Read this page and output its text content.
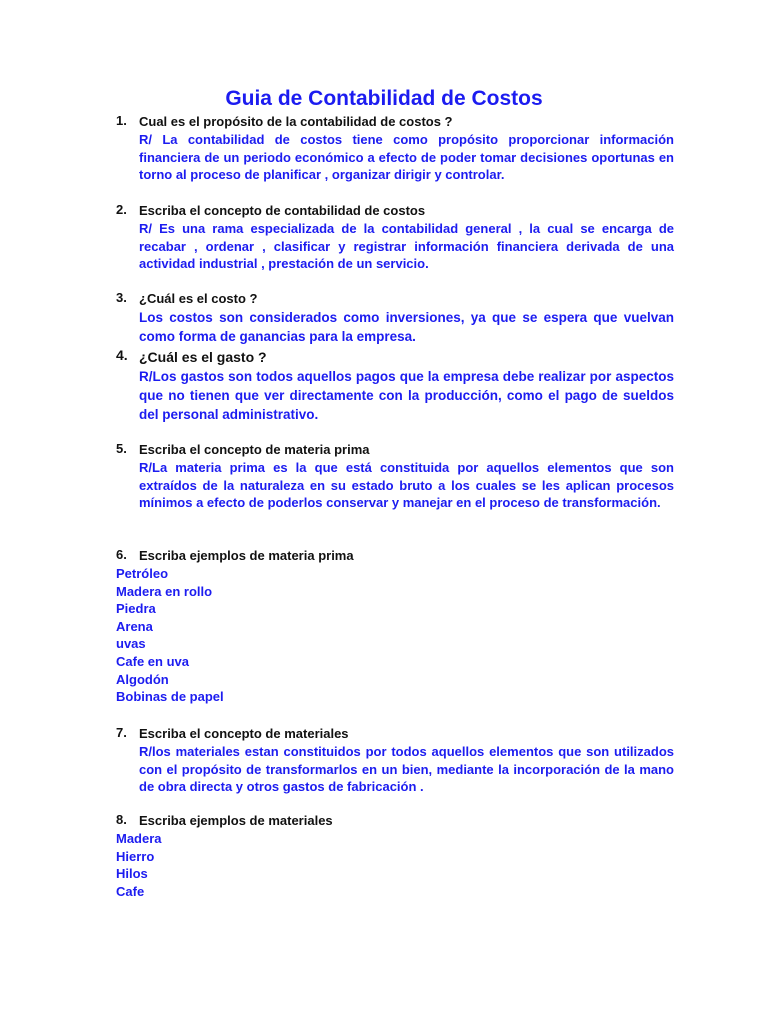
Guia de Contabilidad de Costos
1. Cual es el propósito de la contabilidad de costos ?
R/ La contabilidad de costos tiene como propósito proporcionar información financiera de un periodo económico a efecto de poder tomar decisiones oportunas en torno al proceso de planificar , organizar dirigir y controlar.
2. Escriba el concepto de contabilidad de costos
R/ Es una rama especializada de la contabilidad general , la cual se encarga de recabar , ordenar , clasificar y registrar información financiera derivada de una actividad industrial , prestación de un servicio.
3. ¿Cuál es el costo ?
Los costos son considerados como inversiones, ya que se espera que vuelvan como forma de ganancias para la empresa.
4. ¿Cuál es el gasto ?
R/Los gastos son todos aquellos pagos que la empresa debe realizar por aspectos que no tienen que ver directamente con la producción, como el pago de sueldos del personal administrativo.
5. Escriba el concepto de materia prima
R/La materia prima es la que está constituida por aquellos elementos que son extraídos de la naturaleza en su estado bruto a los cuales se les aplican procesos mínimos a efecto de poderlos conservar y manejar en el proceso de transformación.
6. Escriba ejemplos de materia prima
Petróleo
Madera en rollo
Piedra
Arena
uvas
Cafe en uva
Algodón
Bobinas de papel
7. Escriba el concepto de materiales
R/los materiales estan constituidos por todos aquellos elementos que son utilizados con el propósito de transformarlos en un bien, mediante la incorporación de la mano de obra directa y otros gastos de fabricación .
8. Escriba ejemplos de materiales
Madera
Hierro
Hilos
Cafe
